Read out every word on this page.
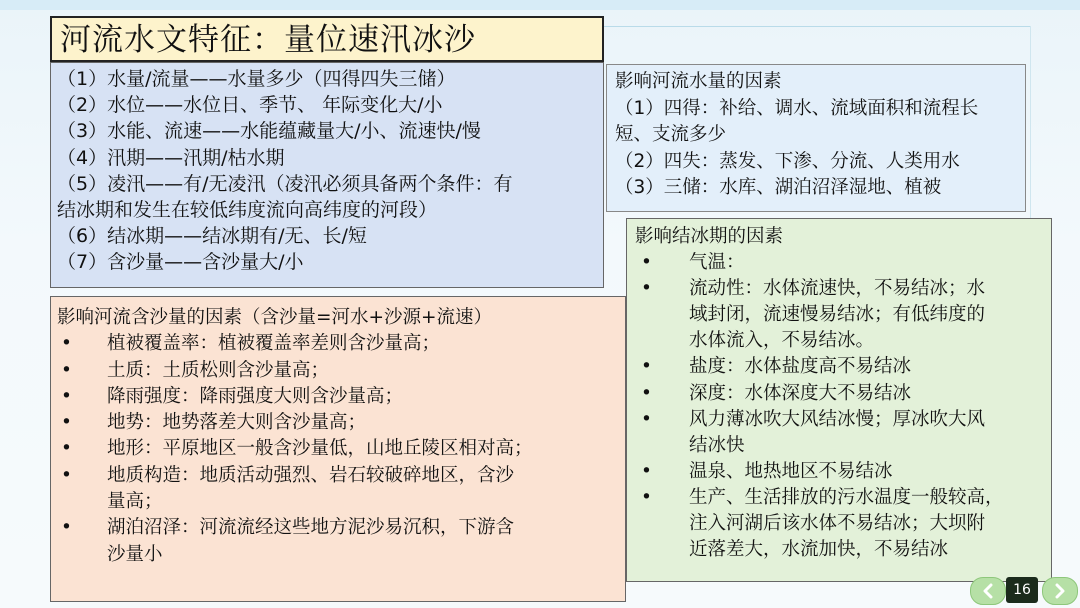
河流水文特征：量位速汛冰沙
（1）水量/流量——水量多少（四得四失三储）
（2）水位——水位日、季节、 年际变化大/小
（3）水能、流速——水能蕴藏量大/小、流速快/慢
（4）汛期——汛期/枯水期
（5）凌汛——有/无凌汛（凌汛必须具备两个条件：有
结冰期和发生在较低纬度流向高纬度的河段）
（6）结冰期——结冰期有/无、长/短
（7）含沙量——含沙量大/小
影响河流水量的因素
（1）四得：补给、调水、流域面积和流程长
短、支流多少
（2）四失：蒸发、下渗、分流、人类用水
（3）三储：水库、湖泊沼泽湿地、植被
影响河流含沙量的因素（含沙量=河水+沙源+流速）
• 植被覆盖率：植被覆盖率差则含沙量高；
• 土质：土质松则含沙量高；
• 降雨强度：降雨强度大则含沙量高；
• 地势：地势落差大则含沙量高；
• 地形：平原地区一般含沙量低，山地丘陵区相对高；
• 地质构造：地质活动强烈、岩石较破碎地区，含沙
量高；
• 湖泊沼泽：河流流经这些地方泥沙易沉积，下游含
沙量小
影响结冰期的因素
• 气温：
• 流动性：水体流速快，不易结冰；水
域封闭，流速慢易结冰；有低纬度的
水体流入，不易结冰。
• 盐度：水体盐度高不易结冰
• 深度：水体深度大不易结冰
• 风力薄冰吹大风结冰慢；厚冰吹大风
结冰快
• 温泉、地热地区不易结冰
• 生产、生活排放的污水温度一般较高，
注入河湖后该水体不易结冰；大坝附
近落差大，水流加快，不易结冰
16
